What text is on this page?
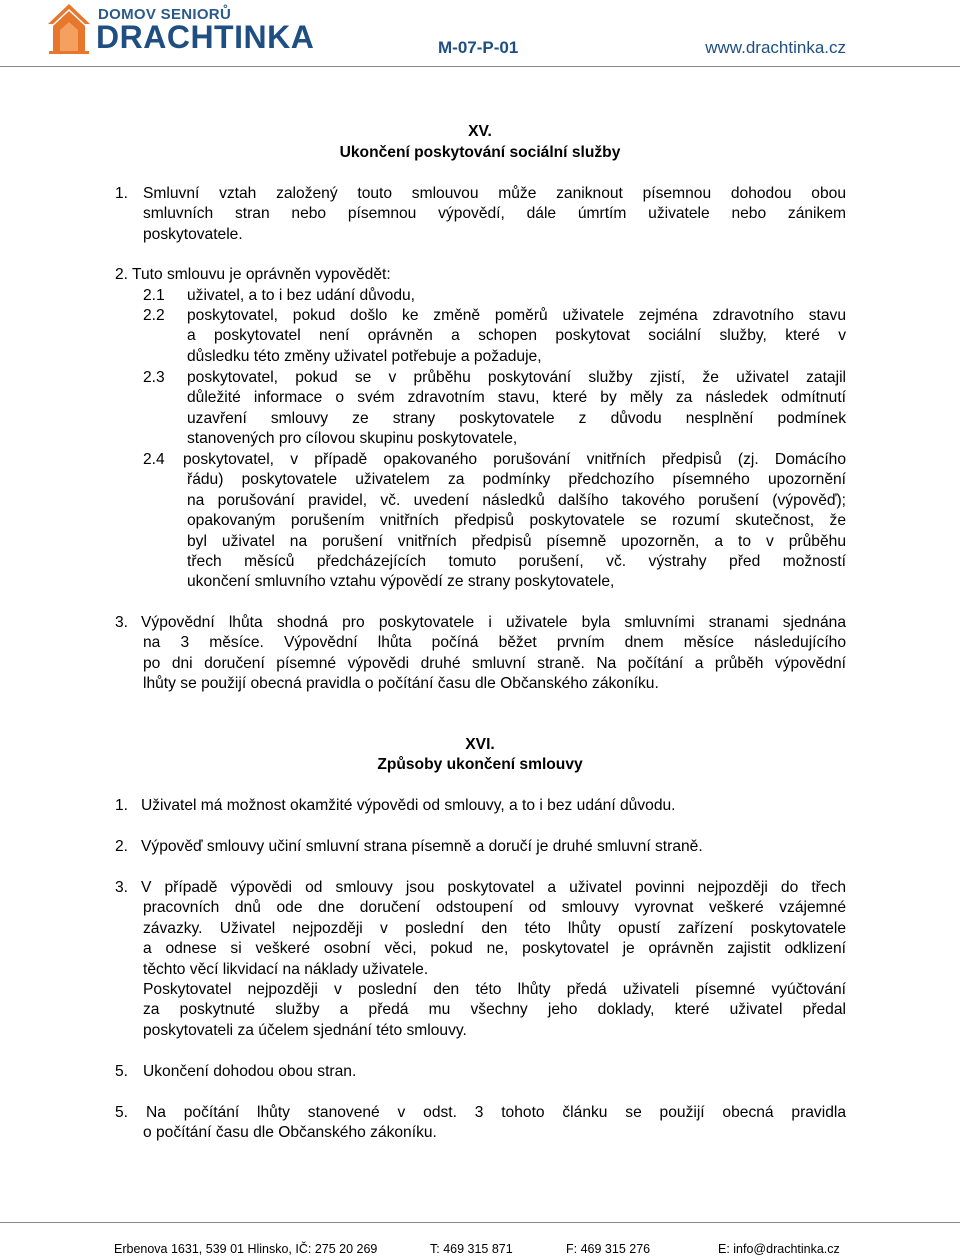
DOMOV SENIORŮ
DRACHTINKA	M-07-P-01	www.drachtinka.cz
XV.
Ukončení poskytování sociální služby
1. Smluvní vztah založený touto smlouvou může zaniknout písemnou dohodou obou
smluvních stran nebo písemnou výpovědí, dále úmrtím uživatele nebo zánikem
poskytovatele.
2. Tuto smlouvu je oprávněn vypovědět:
2.1 uživatel, a to i bez udání důvodu,
2.2 poskytovatel, pokud došlo ke změně poměrů uživatele zejména zdravotního stavu
a poskytovatel není oprávněn a schopen poskytovat sociální služby, které v
důsledku této změny uživatel potřebuje a požaduje,
2.3 poskytovatel, pokud se v průběhu poskytování služby zjistí, že uživatel zatajil
důležité informace o svém zdravotním stavu, které by měly za následek odmítnutí
uzavření smlouvy ze strany poskytovatele z důvodu nesplnění podmínek
stanovených pro cílovou skupinu poskytovatele,
2.4 poskytovatel, v případě opakovaného porušování vnitřních předpisů (zj. Domácího
řádu) poskytovatele uživatelem za podmínky předchozího písemného upozornění
na porušování pravidel, vč. uvedení následků dalšího takového porušení (výpověď);
opakovaným porušením vnitřních předpisů poskytovatele se rozumí skutečnost, že
byl uživatel na porušení vnitřních předpisů písemně upozorněn, a to v průběhu
třech měsíců předcházejících tomuto porušení, vč. výstrahy před možností
ukončení smluvního vztahu výpovědí ze strany poskytovatele,
3. Výpovědní lhůta shodná pro poskytovatele i uživatele byla smluvními stranami sjednána
na 3 měsíce. Výpovědní lhůta počíná běžet prvním dnem měsíce následujícího
po dni doručení písemné výpovědi druhé smluvní straně. Na počítání a průběh výpovědní
lhůty se použijí obecná pravidla o počítání času dle Občanského zákoníku.
XVI.
Způsoby ukončení smlouvy
1. Uživatel má možnost okamžité výpovědi od smlouvy, a to i bez udání důvodu.
2. Výpověď smlouvy učiní smluvní strana písemně a doručí je druhé smluvní straně.
3. V případě výpovědi od smlouvy jsou poskytovatel a uživatel povinni nejpozději do třech
pracovních dnů ode dne doručení odstoupení od smlouvy vyrovnat veškeré vzájemné
závazky. Uživatel nejpozději v poslední den této lhůty opustí zařízení poskytovatele
a odnese si veškeré osobní věci, pokud ne, poskytovatel je oprávněn zajistit odklizení
těchto věcí likvidací na náklady uživatele.
Poskytovatel nejpozději v poslední den této lhůty předá uživateli písemné vyúčtování
za poskytnuté služby a předá mu všechny jeho doklady, které uživatel předal
poskytovateli za účelem sjednání této smlouvy.
5. Ukončení dohodou obou stran.
5. Na počítání lhůty stanovené v odst. 3 tohoto článku se použijí obecná pravidla
o počítání času dle Občanského zákoníku.
Erbenova 1631, 539 01 Hlinsko, IČ: 275 20 269	T: 469 315 871	F: 469 315 276	E: info@drachtinka.cz
